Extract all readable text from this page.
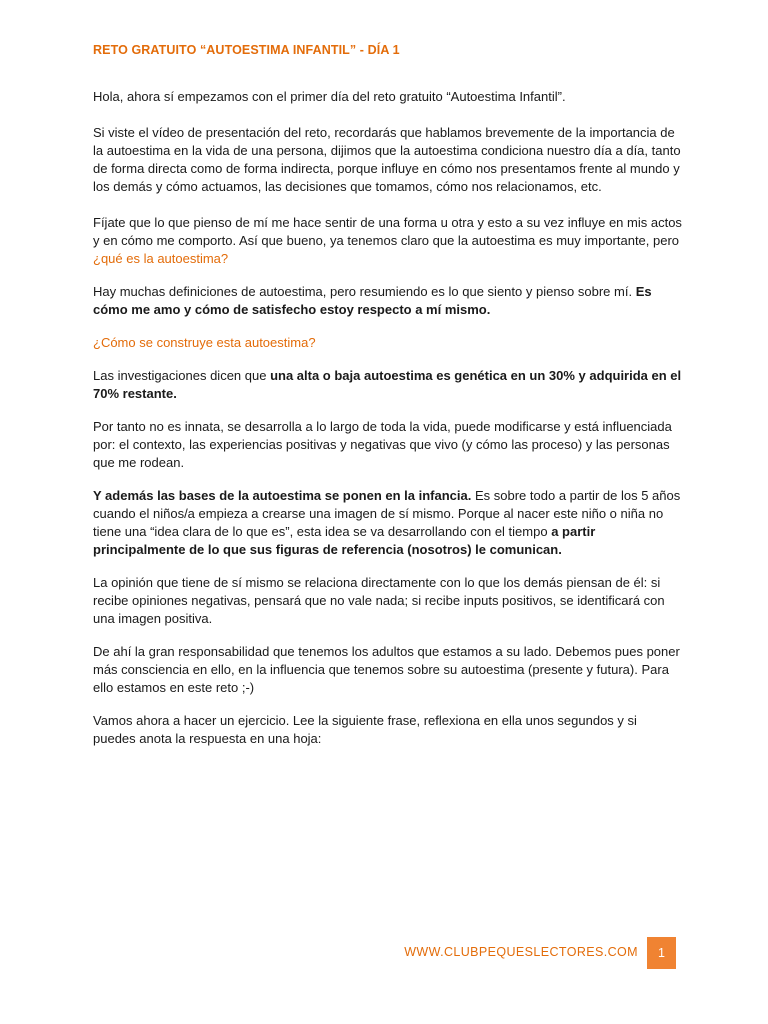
RETO GRATUITO “AUTOESTIMA INFANTIL” - DÍA 1

Hola, ahora sí empezamos con el primer día del reto gratuito “Autoestima Infantil”.

Si viste el vídeo de presentación del reto, recordarás que hablamos brevemente de la importancia de la autoestima en la vida de una persona, dijimos que la autoestima condiciona nuestro día a día, tanto de forma directa como de forma indirecta, porque influye en cómo nos presentamos frente al mundo y los demás y cómo actuamos, las decisiones que tomamos, cómo nos relacionamos, etc.

Fíjate que lo que pienso de mí me hace sentir de una forma u otra y esto a su vez influye en mis actos y en cómo me comporto. Así que bueno, ya tenemos claro que la autoestima es muy importante, pero ¿qué es la autoestima?

Hay muchas definiciones de autoestima, pero resumiendo es lo que siento y pienso sobre mí. Es cómo me amo y cómo de satisfecho estoy respecto a mí mismo.

¿Cómo se construye esta autoestima?

Las investigaciones dicen que una alta o baja autoestima es genética en un 30% y adquirida en el 70% restante.

Por tanto no es innata, se desarrolla a lo largo de toda la vida, puede modificarse y está influenciada por: el contexto, las experiencias positivas y negativas que vivo (y cómo las proceso) y las personas que me rodean.

Y además las bases de la autoestima se ponen en la infancia. Es sobre todo a partir de los 5 años cuando el niños/a empieza a crearse una imagen de sí mismo. Porque al nacer este niño o niña no tiene una “idea clara de lo que es”, esta idea se va desarrollando con el tiempo a partir principalmente de lo que sus figuras de referencia (nosotros) le comunican.

La opinión que tiene de sí mismo se relaciona directamente con lo que los demás piensan de él: si recibe opiniones negativas, pensará que no vale nada; si recibe inputs positivos, se identificará con una imagen positiva.

De ahí la gran responsabilidad que tenemos los adultos que estamos a su lado. Debemos pues poner más consciencia en ello, en la influencia que tenemos sobre su autoestima (presente y futura). Para ello estamos en este reto ;-)

Vamos ahora a hacer un ejercicio. Lee la siguiente frase, reflexiona en ella unos segundos y si puedes anota la respuesta en una hoja:

WWW.CLUBPEQUESLECTORES.COM	1
